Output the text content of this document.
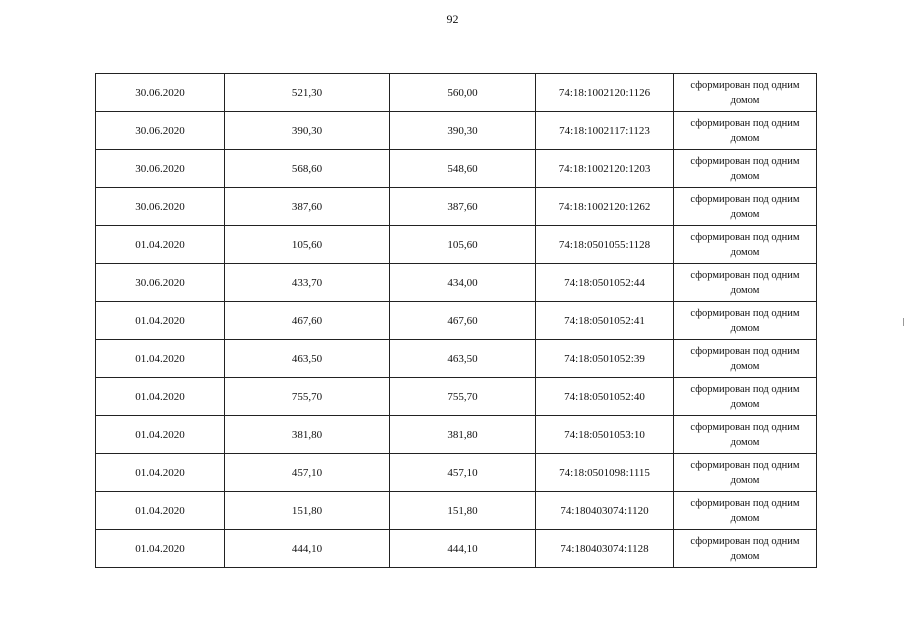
92
30.06.2020	521,30	560,00	74:18:1002120:1126	сформирован под одним
домом

30.06.2020	390,30	390,30	74:18:1002117:1123	сформирован под одним
домом

30.06.2020	568,60	548,60	74:18:1002120:1203	сформирован под одним
домом

30.06.2020	387,60	387,60	74:18:1002120:1262	сформирован под одним
домом

01.04.2020	105,60	105,60	74:18:0501055:1128	сформирован под одним
домом

30.06.2020	433,70	434,00	74:18:0501052:44	сформирован под одним
домом

01.04.2020	467,60	467,60	74:18:0501052:41	сформирован под одним
домом

01.04.2020	463,50	463,50	74:18:0501052:39	сформирован под одним
домом

01.04.2020	755,70	755,70	74:18:0501052:40	сформирован под одним
домом

01.04.2020	381,80	381,80	74:18:0501053:10	сформирован под одним
домом

01.04.2020	457,10	457,10	74:18:0501098:1115	сформирован под одним
домом

01.04.2020	151,80	151,80	74:180403074:1120	сформирован под одним
домом

01.04.2020	444,10	444,10	74:180403074:1128	сформирован под одним
домом
